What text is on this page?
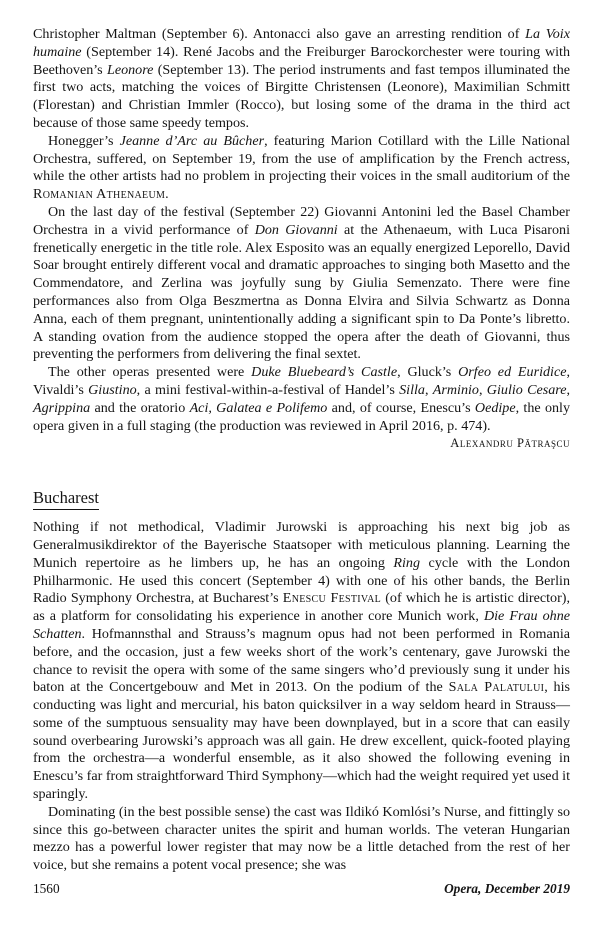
Christopher Maltman (September 6). Antonacci also gave an arresting rendition of La Voix humaine (September 14). René Jacobs and the Freiburger Barockorchester were touring with Beethoven’s Leonore (September 13). The period instruments and fast tempos illuminated the first two acts, matching the voices of Birgitte Christensen (Leonore), Maximilian Schmitt (Florestan) and Christian Immler (Rocco), but losing some of the drama in the third act because of those same speedy tempos.

Honegger’s Jeanne d’Arc au Bûcher, featuring Marion Cotillard with the Lille National Orchestra, suffered, on September 19, from the use of amplification by the French actress, while the other artists had no problem in projecting their voices in the small auditorium of the Romanian Athenaeum.

On the last day of the festival (September 22) Giovanni Antonini led the Basel Chamber Orchestra in a vivid performance of Don Giovanni at the Athenaeum, with Luca Pisaroni frenetically energetic in the title role. Alex Esposito was an equally energized Leporello, David Soar brought entirely different vocal and dramatic approaches to singing both Masetto and the Commendatore, and Zerlina was joyfully sung by Giulia Semenzato. There were fine performances also from Olga Beszmertna as Donna Elvira and Silvia Schwartz as Donna Anna, each of them pregnant, unintentionally adding a significant spin to Da Ponte’s libretto. A standing ovation from the audience stopped the opera after the death of Giovanni, thus preventing the performers from delivering the final sextet.

The other operas presented were Duke Bluebeard’s Castle, Gluck’s Orfeo ed Euridice, Vivaldi’s Giustino, a mini festival-within-a-festival of Handel’s Silla, Arminio, Giulio Cesare, Agrippina and the oratorio Aci, Galatea e Polifemo and, of course, Enescu’s Oedipe, the only opera given in a full staging (the production was reviewed in April 2016, p. 474).
Alexandru Pătraşcu

Bucharest

Nothing if not methodical, Vladimir Jurowski is approaching his next big job as Generalmusikdirektor of the Bayerische Staatsoper with meticulous planning. Learning the Munich repertoire as he limbers up, he has an ongoing Ring cycle with the London Philharmonic. He used this concert (September 4) with one of his other bands, the Berlin Radio Symphony Orchestra, at Bucharest’s Enescu Festival (of which he is artistic director), as a platform for consolidating his experience in another core Munich work, Die Frau ohne Schatten. Hofmannsthal and Strauss’s magnum opus had not been performed in Romania before, and the occasion, just a few weeks short of the work’s centenary, gave Jurowski the chance to revisit the opera with some of the same singers who’d previously sung it under his baton at the Concertgebouw and Met in 2013. On the podium of the Sala Palatului, his conducting was light and mercurial, his baton quicksilver in a way seldom heard in Strauss—some of the sumptuous sensuality may have been downplayed, but in a score that can easily sound overbearing Jurowski’s approach was all gain. He drew excellent, quick-footed playing from the orchestra—a wonderful ensemble, as it also showed the following evening in Enescu’s far from straightforward Third Symphony—which had the weight required yet used it sparingly.

Dominating (in the best possible sense) the cast was Ildikó Komlósi’s Nurse, and fittingly so since this go-between character unites the spirit and human worlds. The veteran Hungarian mezzo has a powerful lower register that may now be a little detached from the rest of her voice, but she remains a potent vocal presence; she was

1560	Opera, December 2019
